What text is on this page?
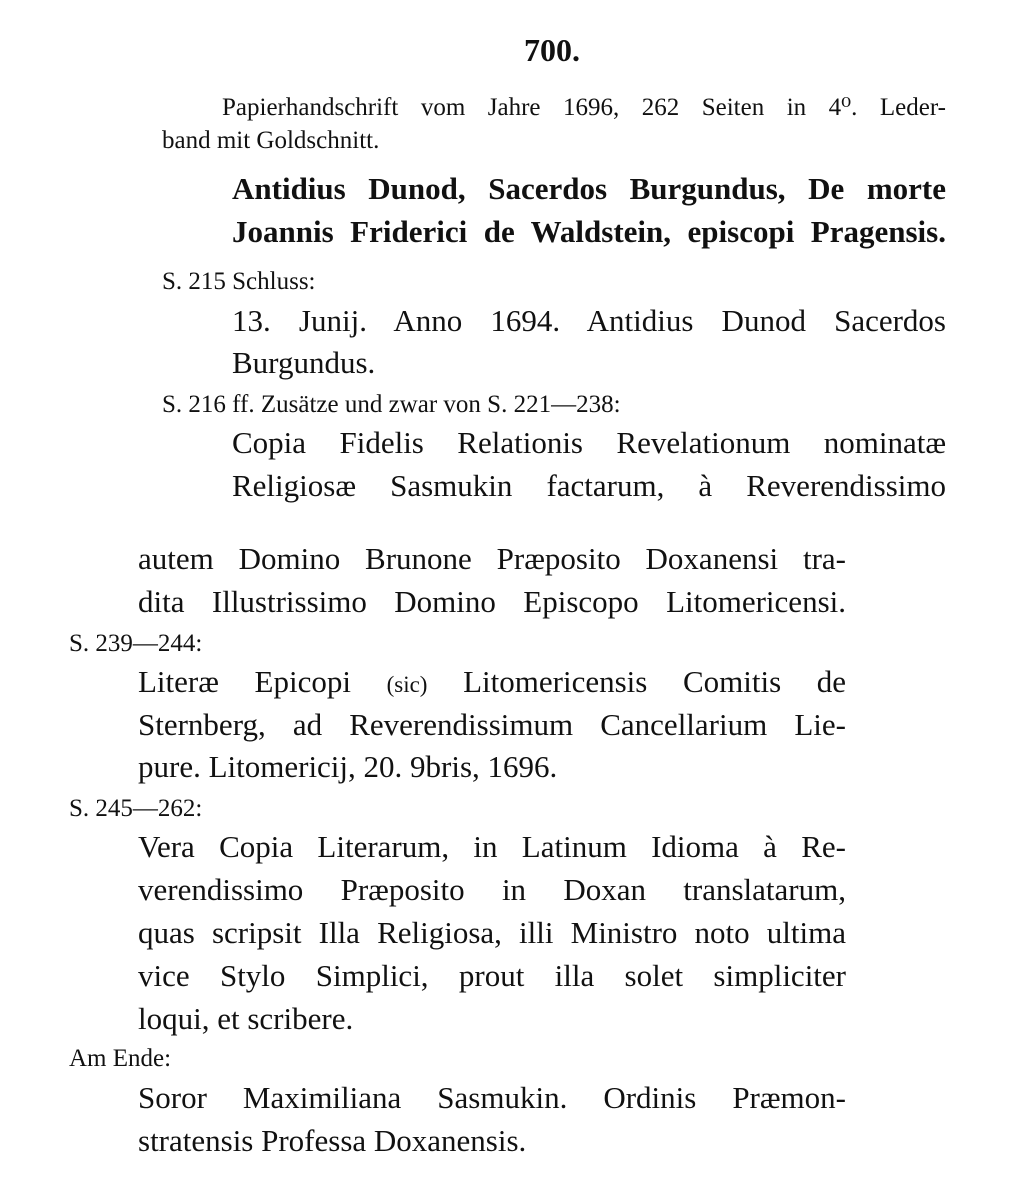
700.
Papierhandschrift vom Jahre 1696, 262 Seiten in 4⁰. Leder-
band mit Goldschnitt.
Antidius Dunod, Sacerdos Burgundus, De morte
Joannis Friderici de Waldstein, episcopi Pragensis.
S. 215 Schluss:
13. Junij. Anno 1694. Antidius Dunod Sacerdos
Burgundus.
S. 216 ff. Zusätze und zwar von S. 221—238:
Copia Fidelis Relationis Revelationum nominatæ
Religiosæ Sasmukin factarum, à Reverendissimo
autem Domino Brunone Præposito Doxanensi tra-
dita Illustrissimo Domino Episcopo Litomericensi.
S. 239—244:
Literæ Epicopi (sic) Litomericensis Comitis de
Sternberg, ad Reverendissimum Cancellarium Lie-
pure. Litomericij, 20. 9bris, 1696.
S. 245—262:
Vera Copia Literarum, in Latinum Idioma à Re-
verendissimo Præposito in Doxan translatarum,
quas scripsit Illa Religiosa, illi Ministro noto ultima
vice Stylo Simplici, prout illa solet simpliciter
loqui, et scribere.
Am Ende:
Soror Maximiliana Sasmukin. Ordinis Præmon-
stratensis Professa Doxanensis.
